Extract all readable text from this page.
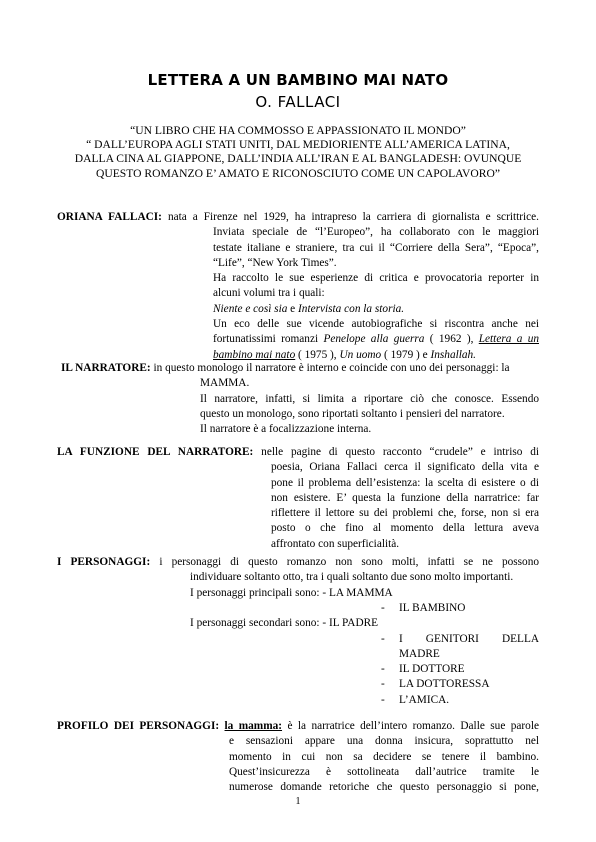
LETTERA A UN BAMBINO MAI NATO
O. FALLACI
“UN LIBRO CHE HA COMMOSSO E APPASSIONATO IL MONDO”
“ DALL’EUROPA AGLI STATI UNITI, DAL MEDIORIENTE ALL’AMERICA LATINA,
DALLA CINA AL GIAPPONE, DALL’INDIA ALL’IRAN E AL BANGLADESH: OVUNQUE
QUESTO ROMANZO E’ AMATO E RICONOSCIUTO COME UN CAPOLAVORO”
ORIANA FALLACI: nata a Firenze nel 1929, ha intrapreso la carriera di giornalista e scrittrice.
Inviata speciale de “l’Europeo”, ha collaborato con le maggiori
testate italiane e straniere, tra cui il “Corriere della Sera”, “Epoca”,
“Life”, “New York Times”.
Ha raccolto le sue esperienze di critica e provocatoria reporter in
alcuni volumi tra i quali:
Niente e così sia e Intervista con la storia.
Un eco delle sue vicende autobiografiche si riscontra anche nei
fortunatissimi romanzi Penelope alla guerra ( 1962 ), Lettera a un
bambino mai nato ( 1975 ), Un uomo ( 1979 ) e Inshallah.
IL NARRATORE: in questo monologo il narratore è interno e coincide con uno dei personaggi: la
MAMMA.
Il narratore, infatti, si limita a riportare ciò che conosce. Essendo
questo un monologo, sono riportati soltanto i pensieri del narratore.
Il narratore è a focalizzazione interna.
LA FUNZIONE DEL NARRATORE: nelle pagine di questo racconto “crudele” e intriso di
poesia, Oriana Fallaci cerca il significato della vita e
pone il problema dell’esistenza: la scelta di esistere o di
non esistere. E’ questa la funzione della narratrice: far
riflettere il lettore su dei problemi che, forse, non si era
posto o che fino al momento della lettura aveva
affrontato con superficialità.
I PERSONAGGI: i personaggi di questo romanzo non sono molti, infatti se ne possono
individuare soltanto otto, tra i quali soltanto due sono molto importanti.
I personaggi principali sono: - LA MAMMA
- IL BAMBINO
I personaggi secondari sono: - IL PADRE
I GENITORI DELLA
-
MADRE
- IL DOTTORE
- LA DOTTORESSA
- L’AMICA.
PROFILO DEI PERSONAGGI: la mamma: è la narratrice dell’intero romanzo. Dalle sue parole
e sensazioni appare una donna insicura, soprattutto nel
momento in cui non sa decidere se tenere il bambino.
Quest’insicurezza è sottolineata dall’autrice tramite le
numerose domande retoriche che questo personaggio si pone,
1
